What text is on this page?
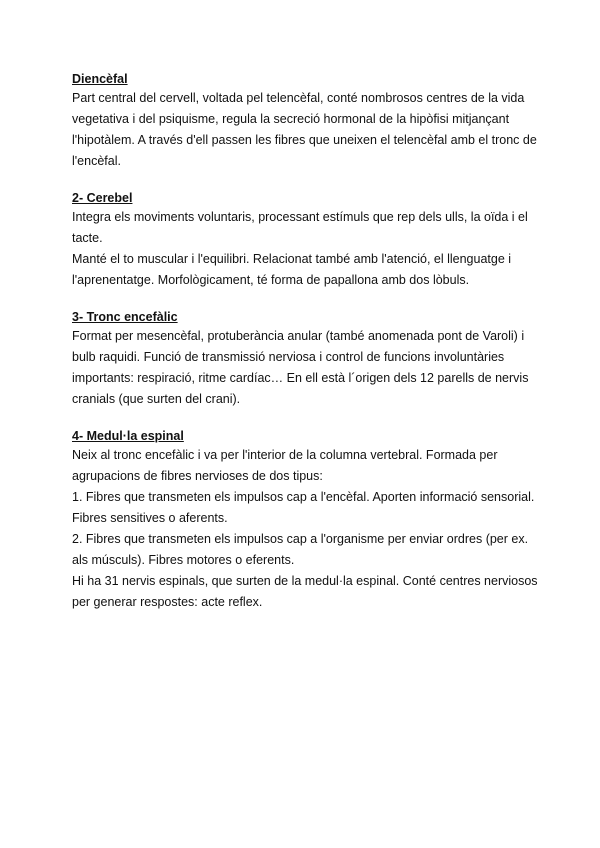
Diencèfal
Part central del cervell, voltada pel telencèfal, conté nombrosos centres de la vida
vegetativa i del psiquisme, regula la secreció hormonal de la hipòfisi mitjançant
l'hipotàlem. A través d'ell passen les fibres que uneixen el telencèfal amb el tronc de
l'encèfal.
2- Cerebel
Integra els moviments voluntaris, processant estímuls que rep dels ulls, la oïda i el
tacte.
Manté el to muscular i l'equilibri. Relacionat també amb l'atenció, el llenguatge i
l'aprenentatge. Morfològicament, té forma de papallona amb dos lòbuls.
3- Tronc encefàlic
Format per mesencèfal, protuberància anular (també anomenada pont de Varoli) i
bulb raquidi. Funció de transmissió nerviosa i control de funcions involuntàries
importants: respiració, ritme cardíac… En ell està l´origen dels 12 parells de nervis
cranials (que surten del crani).
4- Medul·la espinal
Neix al tronc encefàlic i va per l'interior de la columna vertebral. Formada per
agrupacions de fibres nervioses de dos tipus:
1. Fibres que transmeten els impulsos cap a l'encèfal. Aporten informació sensorial.
Fibres sensitives o aferents.
2. Fibres que transmeten els impulsos cap a l'organisme per enviar ordres (per ex.
als músculs). Fibres motores o eferents.
Hi ha 31 nervis espinals, que surten de la medul·la espinal. Conté centres nerviosos
per generar respostes: acte reflex.
